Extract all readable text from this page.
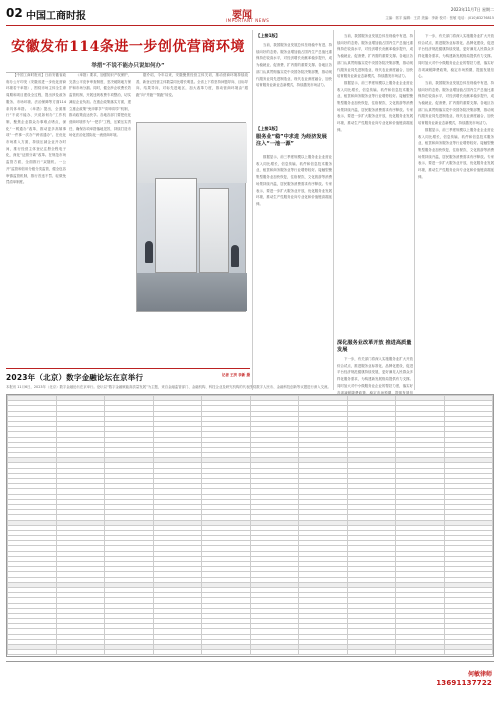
02 中国工商时报	要闻
IMPORTANT NEWS
2023年11月7日 星期二
主编：郭宇 编辑：王洪 美编：李新 校对：张敏 电话：(010)83276815
安徽发布114条进一步创优营商环境
举措“不说不能办只说如何办”

【中国工商时报讯】日前安徽省政府办公厅印发《安徽省进一步优化营商环境若干举措》，围绕市场主体全生命周期和项目建设全过程，提出涉及政务服务、市场环境、法治保障等方面114条具体举措。《举措》提出，全面推行“不说不能办、只说如何办”工作机制，聚焦企业群众办事难点堵点，深化“一网通办”改革，推动更多高频事项“一件事一次办”“跨省通办”。在优化市场准入方面，持续压减企业开办时间，推行经营主体登记注册全程电子化，深化“证照分离”改革。在规范市场监管方面，全面推行“双随机、一公开”监管和信用分级分类监管，健全包容审慎监管机制，推行首违不罚、轻微免罚清单制度。

《举措》要求，加强知识产权保护，完善公平竞争审查制度，坚决破除地方保护和市场分割。同时，健全涉企收费长效监管机制，开展违规收费专项整治，切实减轻企业负担。在惠企政策落实方面，建立惠企政策“免申即享”“即申即享”机制，推动政策直达快享。各地各部门要把优化营商环境作为“一把手”工程，压紧压实责任，确保各项举措落地见效，持续打造市场化法治化国际化一流营商环境。

据介绍，今年以来，安徽聚焦经营主体关切，推动营商环境持续改善，新登记经营主体数量同比增长明显。全省上下将坚持问题导向、目标导向、结果导向，对标先进地区，加大改革力度，推动营商环境由“跟跑”向“并跑”“领跑”转变。

2023年（北京）数字金融论坛在京举行
本报讯 11月6日，2023年（北京）数字金融论坛在京举行。论坛以“数字金融赋能高质量发展”为主题，来自金融监管部门、金融机构、科技企业及研究机构的代表围绕数字人民币、金融科技创新等议题进行深入交流。
记者 王洪 李新 摄
【上接1版】

当前，我国服务业发展总体呈现稳中有进、持续向好的态势。服务业增加值占国内生产总值比重保持在较高水平，对经济增长贡献率稳步提升，成为稳就业、促消费、扩内需的重要支撑。各地区各部门认真贯彻落实党中央国务院决策部署，推动现代服务业同先进制造业、现代农业深度融合，加快培育服务业新业态新模式，持续激发市场活力。

【上接1版】
服务业“稳”中求进 为经济发展注入“一池一源”

数据显示，前三季度规模以上服务业企业营业收入同比增长，信息传输、软件和信息技术服务业，租赁和商务服务业等行业增势较好。接触型聚集型服务业加快恢复，住宿餐饮、文化旅游等消费场景持续升温，居民服务消费需求有序释放。专家表示，要进一步扩大服务业开放，优化服务业发展环境，推动生产性服务业向专业化和价值链高端延伸。

当前，我国服务业发展总体呈现稳中有进、持续向好的态势。服务业增加值占国内生产总值比重保持在较高水平，对经济增长贡献率稳步提升，成为稳就业、促消费、扩内需的重要支撑。各地区各部门认真贯彻落实党中央国务院决策部署，推动现代服务业同先进制造业、现代农业深度融合，加快培育服务业新业态新模式，持续激发市场活力。

数据显示，前三季度规模以上服务业企业营业收入同比增长，信息传输、软件和信息技术服务业，租赁和商务服务业等行业增势较好。接触型聚集型服务业加快恢复，住宿餐饮、文化旅游等消费场景持续升温，居民服务消费需求有序释放。专家表示，要进一步扩大服务业开放，优化服务业发展环境，推动生产性服务业向专业化和价值链高端延伸。

深化服务业改革开放 推进高质量发展

下一步，有关部门将深入实施服务业扩大开放综合试点，推进服务业标准化、品牌化建设，促进平台经济规范健康持续发展，更好满足人民群众多样化服务需求，为构建新发展格局提供有力支撑。同时加大对中小微服务业企业的帮扶力度，落实好各项减税降费政策，稳定市场预期，提振发展信

下一步，有关部门将深入实施服务业扩大开放综合试点，推进服务业标准化、品牌化建设，促进平台经济规范健康持续发展，更好满足人民群众多样化服务需求，为构建新发展格局提供有力支撑。同时加大对中小微服务业企业的帮扶力度，落实好各项减税降费政策，稳定市场预期，提振发展信心。

当前，我国服务业发展总体呈现稳中有进、持续向好的态势。服务业增加值占国内生产总值比重保持在较高水平，对经济增长贡献率稳步提升，成为稳就业、促消费、扩内需的重要支撑。各地区各部门认真贯彻落实党中央国务院决策部署，推动现代服务业同先进制造业、现代农业深度融合，加快培育服务业新业态新模式，持续激发市场活力。

数据显示，前三季度规模以上服务业企业营业收入同比增长，信息传输、软件和信息技术服务业，租赁和商务服务业等行业增势较好。接触型聚集型服务业加快恢复，住宿餐饮、文化旅游等消费场景持续升温，居民服务消费需求有序释放。专家表示，要进一步扩大服务业开放，优化服务业发展环境，推动生产性服务业向专业化和价值链高端延伸。

何敏律师
13691137722
